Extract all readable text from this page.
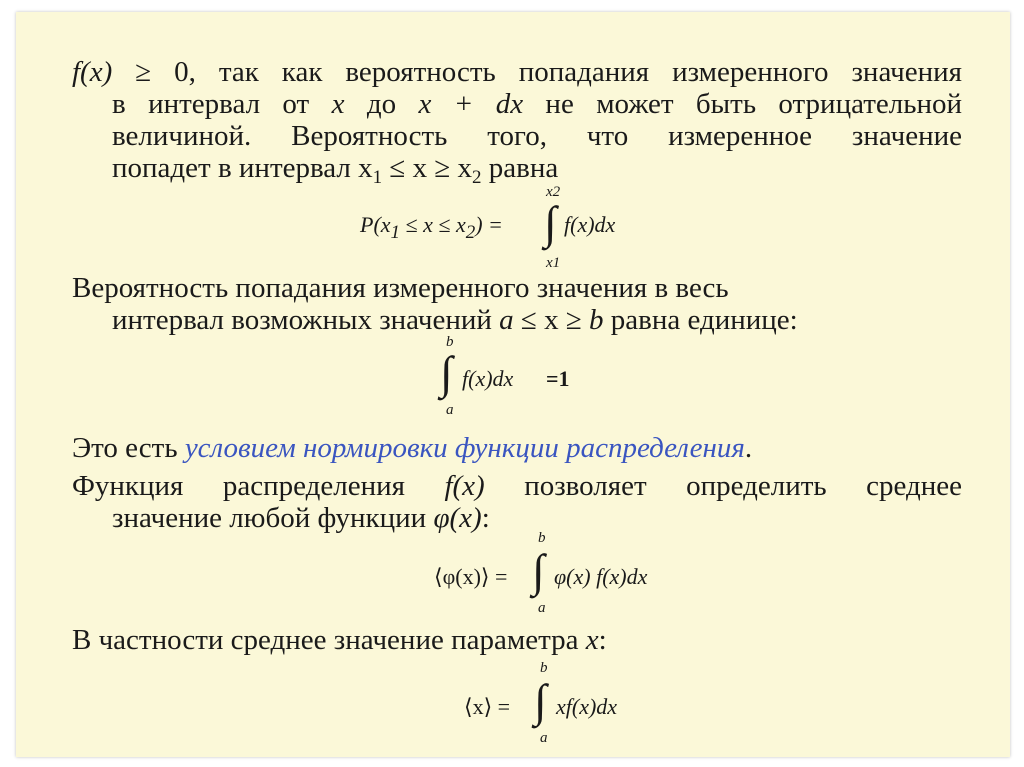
f(x) ≥ 0, так как вероятность попадания измеренного значения
в интервал от x до x + dx не может быть отрицательной
величиной. Вероятность того, что измеренное значение
попадет в интервал $x_1 \le x \ge x_2$ равна
$P(x_1 \le x \le x_2)$ =
x2
∫
x1
f(x)dx
Вероятность попадания измеренного значения в весь
интервал возможных значений a ≤ x ≥ b равна единице:
b
∫
a
f(x)dx =1
Это есть условием нормировки функции распределения.
Функция распределения f(x) позволяет определить среднее
значение любой функции φ(x):
⟨φ(x)⟩ =
b
∫
a
φ(x) f(x)dx
В частности среднее значение параметра x:
⟨x⟩ =
b
∫
a
xf(x)dx
